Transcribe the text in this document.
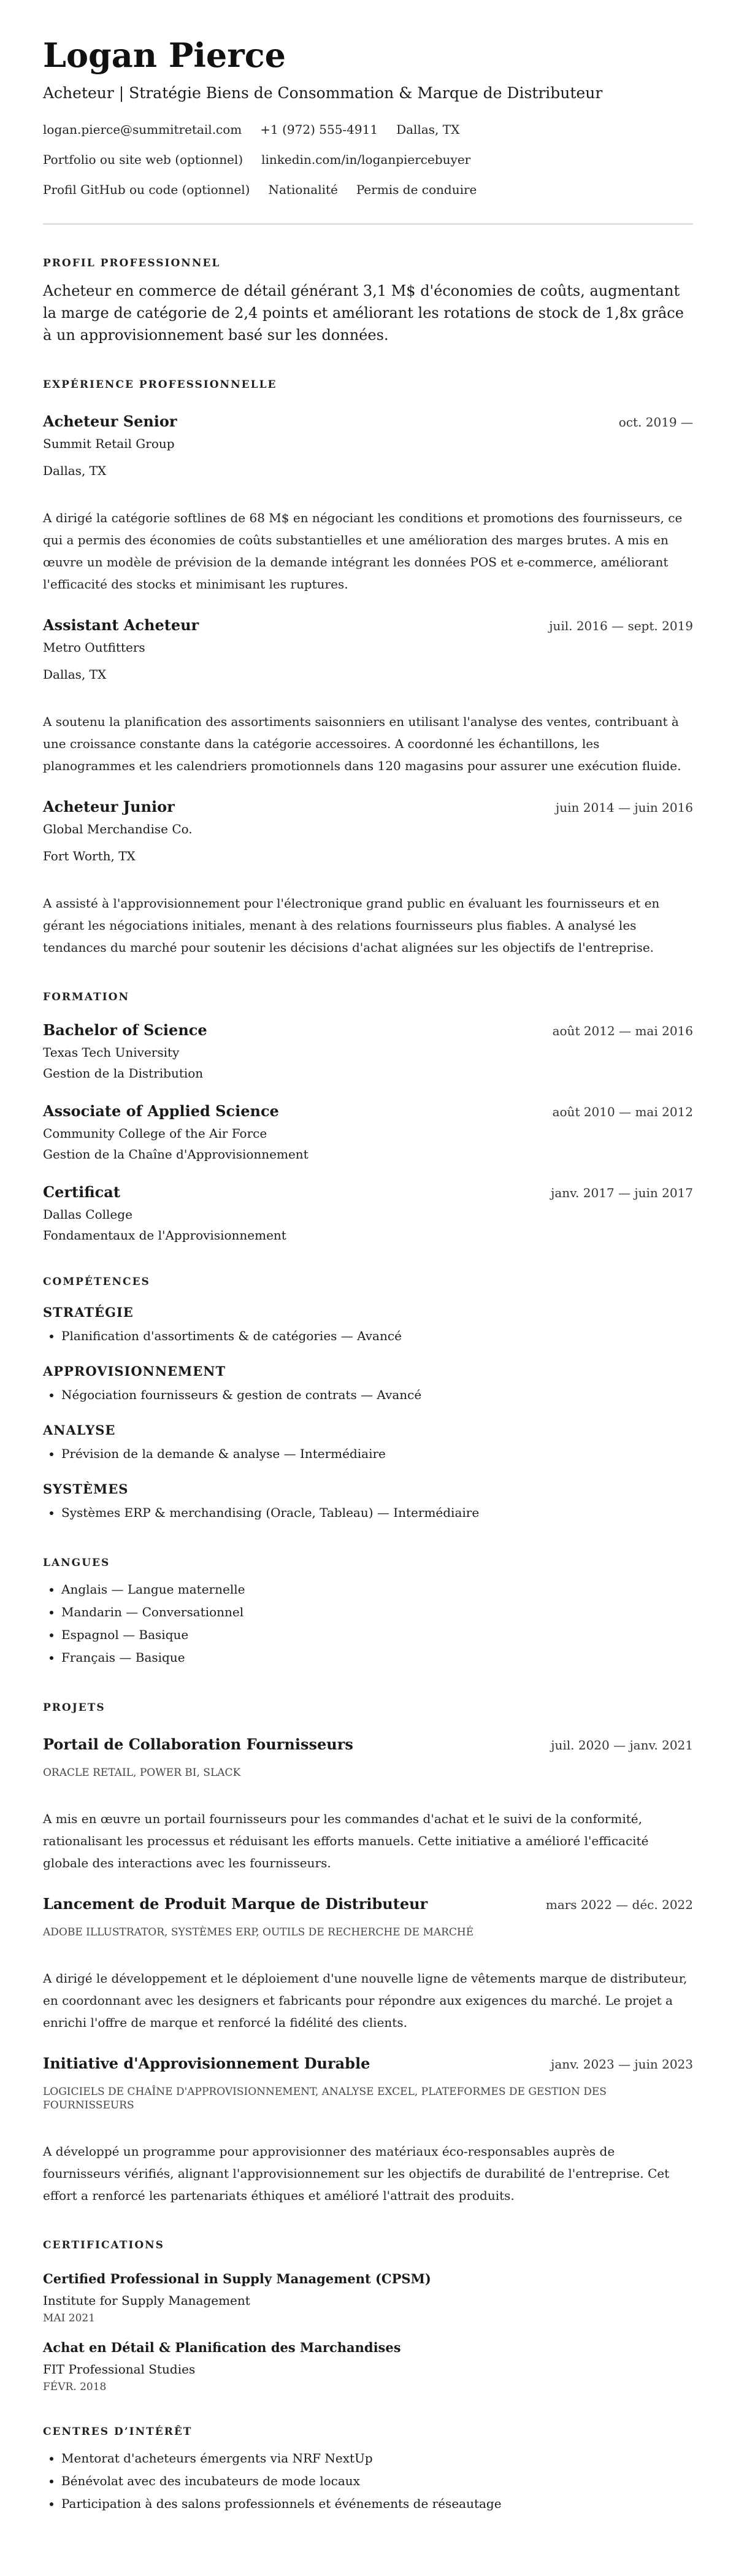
Logan Pierce
Acheteur | Stratégie Biens de Consommation & Marque de Distributeur
logan.pierce@summitretail.com +1 (972) 555-4911 Dallas, TX
Portfolio ou site web (optionnel) linkedin.com/in/loganpiercebuyer
Profil GitHub ou code (optionnel) Nationalité Permis de conduire
PROFIL PROFESSIONNEL
Acheteur en commerce de détail générant 3,1 M$ d'économies de coûts, augmentant la marge de catégorie de 2,4 points et améliorant les rotations de stock de 1,8x grâce à un approvisionnement basé sur les données.
EXPÉRIENCE PROFESSIONNELLE
Acheteur Senior	oct. 2019 —
Summit Retail Group
Dallas, TX
A dirigé la catégorie softlines de 68 M$ en négociant les conditions et promotions des fournisseurs, ce qui a permis des économies de coûts substantielles et une amélioration des marges brutes. A mis en œuvre un modèle de prévision de la demande intégrant les données POS et e-commerce, améliorant l'efficacité des stocks et minimisant les ruptures.
Assistant Acheteur	juil. 2016 — sept. 2019
Metro Outfitters
Dallas, TX
A soutenu la planification des assortiments saisonniers en utilisant l'analyse des ventes, contribuant à une croissance constante dans la catégorie accessoires. A coordonné les échantillons, les planogrammes et les calendriers promotionnels dans 120 magasins pour assurer une exécution fluide.
Acheteur Junior	juin 2014 — juin 2016
Global Merchandise Co.
Fort Worth, TX
A assisté à l'approvisionnement pour l'électronique grand public en évaluant les fournisseurs et en gérant les négociations initiales, menant à des relations fournisseurs plus fiables. A analysé les tendances du marché pour soutenir les décisions d'achat alignées sur les objectifs de l'entreprise.
FORMATION
Bachelor of Science	août 2012 — mai 2016
Texas Tech University
Gestion de la Distribution
Associate of Applied Science	août 2010 — mai 2012
Community College of the Air Force
Gestion de la Chaîne d'Approvisionnement
Certificat	janv. 2017 — juin 2017
Dallas College
Fondamentaux de l'Approvisionnement
COMPÉTENCES
STRATÉGIE
• Planification d'assortiments & de catégories — Avancé
APPROVISIONNEMENT
• Négociation fournisseurs & gestion de contrats — Avancé
ANALYSE
• Prévision de la demande & analyse — Intermédiaire
SYSTÈMES
• Systèmes ERP & merchandising (Oracle, Tableau) — Intermédiaire
LANGUES
• Anglais — Langue maternelle
• Mandarin — Conversationnel
• Espagnol — Basique
• Français — Basique
PROJETS
Portail de Collaboration Fournisseurs	juil. 2020 — janv. 2021
ORACLE RETAIL, POWER BI, SLACK
A mis en œuvre un portail fournisseurs pour les commandes d'achat et le suivi de la conformité, rationalisant les processus et réduisant les efforts manuels. Cette initiative a amélioré l'efficacité globale des interactions avec les fournisseurs.
Lancement de Produit Marque de Distributeur	mars 2022 — déc. 2022
ADOBE ILLUSTRATOR, SYSTÈMES ERP, OUTILS DE RECHERCHE DE MARCHÉ
A dirigé le développement et le déploiement d'une nouvelle ligne de vêtements marque de distributeur, en coordonnant avec les designers et fabricants pour répondre aux exigences du marché. Le projet a enrichi l'offre de marque et renforcé la fidélité des clients.
Initiative d'Approvisionnement Durable	janv. 2023 — juin 2023
LOGICIELS DE CHAÎNE D'APPROVISIONNEMENT, ANALYSE EXCEL, PLATEFORMES DE GESTION DES FOURNISSEURS
A développé un programme pour approvisionner des matériaux éco-responsables auprès de fournisseurs vérifiés, alignant l'approvisionnement sur les objectifs de durabilité de l'entreprise. Cet effort a renforcé les partenariats éthiques et amélioré l'attrait des produits.
CERTIFICATIONS
Certified Professional in Supply Management (CPSM)
Institute for Supply Management
MAI 2021
Achat en Détail & Planification des Marchandises
FIT Professional Studies
FÉVR. 2018
CENTRES D’INTÉRÊT
• Mentorat d'acheteurs émergents via NRF NextUp
• Bénévolat avec des incubateurs de mode locaux
• Participation à des salons professionnels et événements de réseautage
